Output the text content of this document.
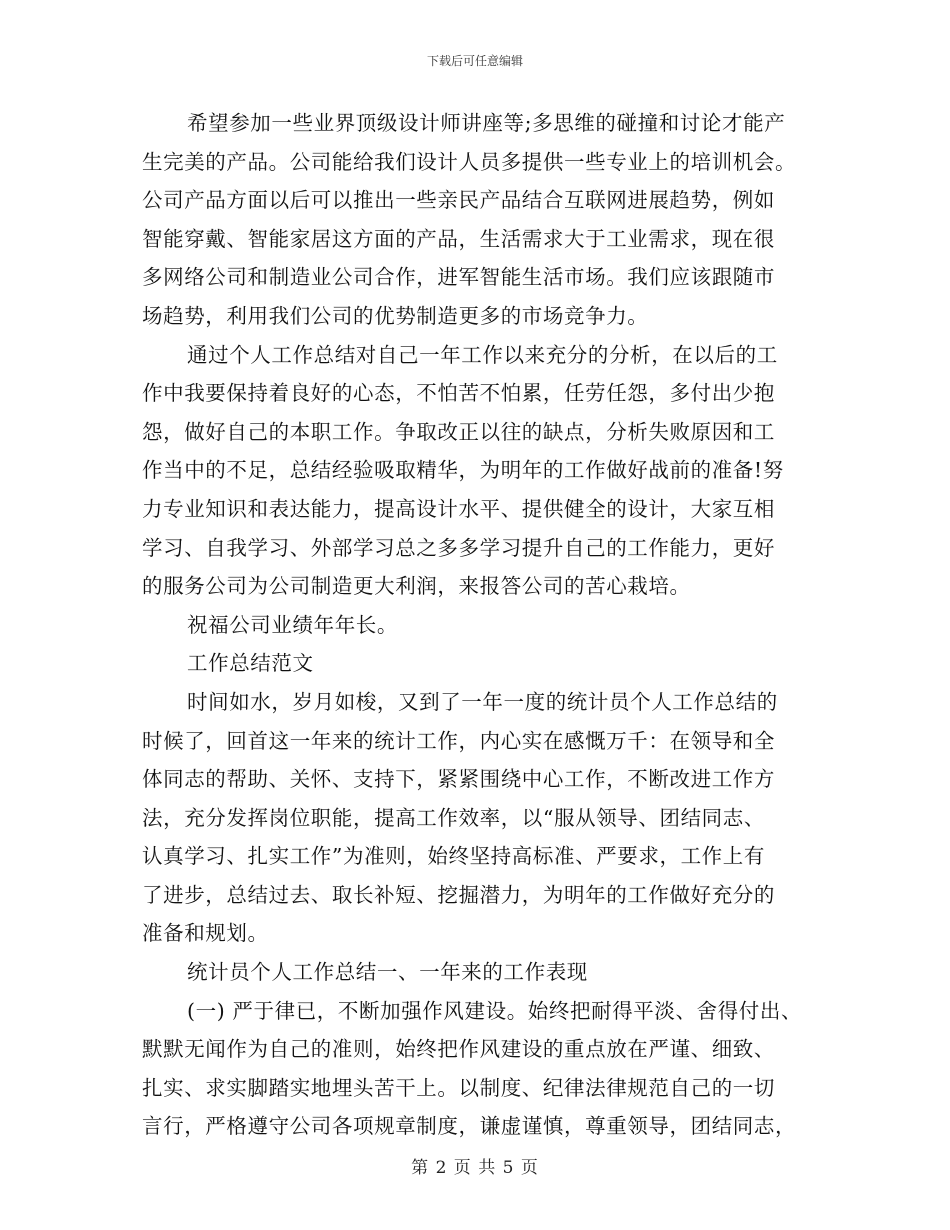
下载后可任意编辑

希望参加一些业界顶级设计师讲座等;多思维的碰撞和讨论才能产
生完美的产品。公司能给我们设计人员多提供一些专业上的培训机会。
公司产品方面以后可以推出一些亲民产品结合互联网进展趋势，例如
智能穿戴、智能家居这方面的产品，生活需求大于工业需求，现在很
多网络公司和制造业公司合作，进军智能生活市场。我们应该跟随市
场趋势，利用我们公司的优势制造更多的市场竞争力。

通过个人工作总结对自己一年工作以来充分的分析，在以后的工
作中我要保持着良好的心态，不怕苦不怕累，任劳任怨，多付出少抱
怨，做好自己的本职工作。争取改正以往的缺点，分析失败原因和工
作当中的不足，总结经验吸取精华，为明年的工作做好战前的准备!努
力专业知识和表达能力，提高设计水平、提供健全的设计，大家互相
学习、自我学习、外部学习总之多多学习提升自己的工作能力，更好
的服务公司为公司制造更大利润，来报答公司的苦心栽培。

祝福公司业绩年年长。

工作总结范文

时间如水，岁月如梭，又到了一年一度的统计员个人工作总结的
时候了，回首这一年来的统计工作，内心实在感慨万千：在领导和全
体同志的帮助、关怀、支持下，紧紧围绕中心工作，不断改进工作方
法，充分发挥岗位职能，提高工作效率，以“服从领导、团结同志、
认真学习、扎实工作”为准则，始终坚持高标准、严要求，工作上有
了进步，总结过去、取长补短、挖掘潜力，为明年的工作做好充分的
准备和规划。

统计员个人工作总结一、一年来的工作表现

(一) 严于律已，不断加强作风建设。始终把耐得平淡、舍得付出、
默默无闻作为自己的准则，始终把作风建设的重点放在严谨、细致、
扎实、求实脚踏实地埋头苦干上。以制度、纪律法律规范自己的一切
言行，严格遵守公司各项规章制度，谦虚谨慎，尊重领导，团结同志，

第 2 页 共 5 页
